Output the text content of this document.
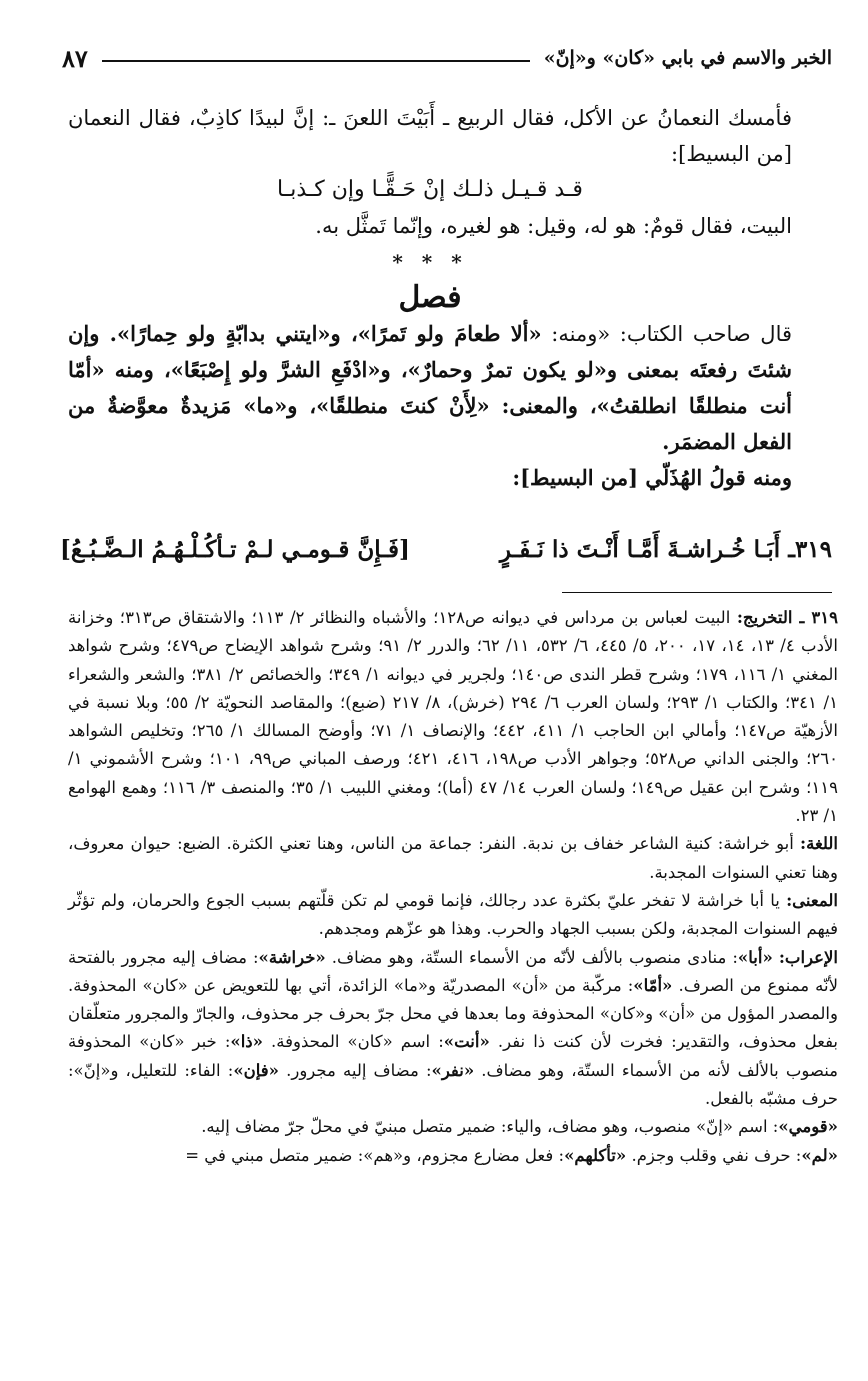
الخبر والاسم في بابي «كان» و«إنّ»
٨٧

فأمسك النعمانُ عن الأكل، فقال الربيع ـ أَبَيْتَ اللعنَ ـ: إنَّ لبيدًا كاذِبٌ، فقال النعمان [من البسيط]:

قـد قـيـل ذلـك إنْ حَـقًّـا وإن كـذبـا

البيت، فقال قومٌ: هو له، وقيل: هو لغيره، وإنّما تَمثَّل به.

* * *

فصل

قال صاحب الكتاب: «ومنه: «ألا طعامَ ولو تَمرًا»، و«ايتني بدابّةٍ ولو حِمارًا». وإن شئتَ رفعتَه بمعنى و«لو يكون تمرٌ وحمارٌ»، و«ادْفَعِ الشرَّ ولو إِصْبَعًا»، ومنه «أمّا أنت منطلقًا انطلقتُ»، والمعنى: «لِأَنْ كنتَ منطلقًا»، و«ما» مَزيدةٌ معوَّضةٌ من الفعل المضمَر.

ومنه قولُ الهُذَلّي [من البسيط]:

٣١٩ـ أَبَـا خُـراشـةَ أَمَّـا أَنْـتَ ذا نَـفَـرٍ
[فَـإِنَّ قـومـي لـمْ تـأكُـلْـهُـمُ الـضَّـبُـعُ]

٣١٩ ـ التخريج: البيت لعباس بن مرداس في ديوانه ص١٢٨؛ والأشباه والنظائر ٢/ ١١٣؛ والاشتقاق ص٣١٣؛ وخزانة الأدب ٤/ ١٣، ١٤، ١٧، ٢٠٠، ٥/ ٤٤٥، ٦/ ٥٣٢، ١١/ ٦٢؛ والدرر ٢/ ٩١؛ وشرح شواهد الإيضاح ص٤٧٩؛ وشرح شواهد المغني ١/ ١١٦، ١٧٩؛ وشرح قطر الندى ص١٤٠؛ ولجرير في ديوانه ١/ ٣٤٩؛ والخصائص ٢/ ٣٨١؛ والشعر والشعراء ١/ ٣٤١؛ والكتاب ١/ ٢٩٣؛ ولسان العرب ٦/ ٢٩٤ (خرش)، ٨/ ٢١٧ (ضبع)؛ والمقاصد النحويّة ٢/ ٥٥؛ وبلا نسبة في الأزهيّة ص١٤٧؛ وأمالي ابن الحاجب ١/ ٤١١، ٤٤٢؛ والإنصاف ١/ ٧١؛ وأوضح المسالك ١/ ٢٦٥؛ وتخليص الشواهد ٢٦٠؛ والجنى الداني ص٥٢٨؛ وجواهر الأدب ص١٩٨، ٤١٦، ٤٢١؛ ورصف المباني ص٩٩، ١٠١؛ وشرح الأشموني ١/ ١١٩؛ وشرح ابن عقيل ص١٤٩؛ ولسان العرب ١٤/ ٤٧ (أما)؛ ومغني اللبيب ١/ ٣٥؛ والمنصف ٣/ ١١٦؛ وهمع الهوامع ١/ ٢٣.

اللغة: أبو خراشة: كنية الشاعر خفاف بن ندبة. النفر: جماعة من الناس، وهنا تعني الكثرة. الضبع: حيوان معروف، وهنا تعني السنوات المجدبة.

المعنى: يا أبا خراشة لا تفخر عليّ بكثرة عدد رجالك، فإنما قومي لم تكن قلّتهم بسبب الجوع والحرمان، ولم تؤثّر فيهم السنوات المجدبة، ولكن بسبب الجهاد والحرب. وهذا هو عزّهم ومجدهم.

الإعراب: «أبا»: منادى منصوب بالألف لأنّه من الأسماء الستّة، وهو مضاف. «خراشة»: مضاف إليه مجرور بالفتحة لأنّه ممنوع من الصرف. «أمّا»: مركّبة من «أن» المصدريّة و«ما» الزائدة، أتي بها للتعويض عن «كان» المحذوفة. والمصدر المؤول من «أن» و«كان» المحذوفة وما بعدها في محل جرّ بحرف جر محذوف، والجارّ والمجرور متعلّقان بفعل محذوف، والتقدير: فخرت لأن كنت ذا نفر. «أنت»: اسم «كان» المحذوفة. «ذا»: خبر «كان» المحذوفة منصوب بالألف لأنه من الأسماء الستّة، وهو مضاف. «نفر»: مضاف إليه مجرور. «فإن»: الفاء: للتعليل، و«إنّ»: حرف مشبّه بالفعل.

«قومي»: اسم «إنّ» منصوب، وهو مضاف، والياء: ضمير متصل مبنيّ في محلّ جرّ مضاف إليه.

«لم»: حرف نفي وقلب وجزم. «تأكلهم»: فعل مضارع مجزوم، و«هم»: ضمير متصل مبني في =
